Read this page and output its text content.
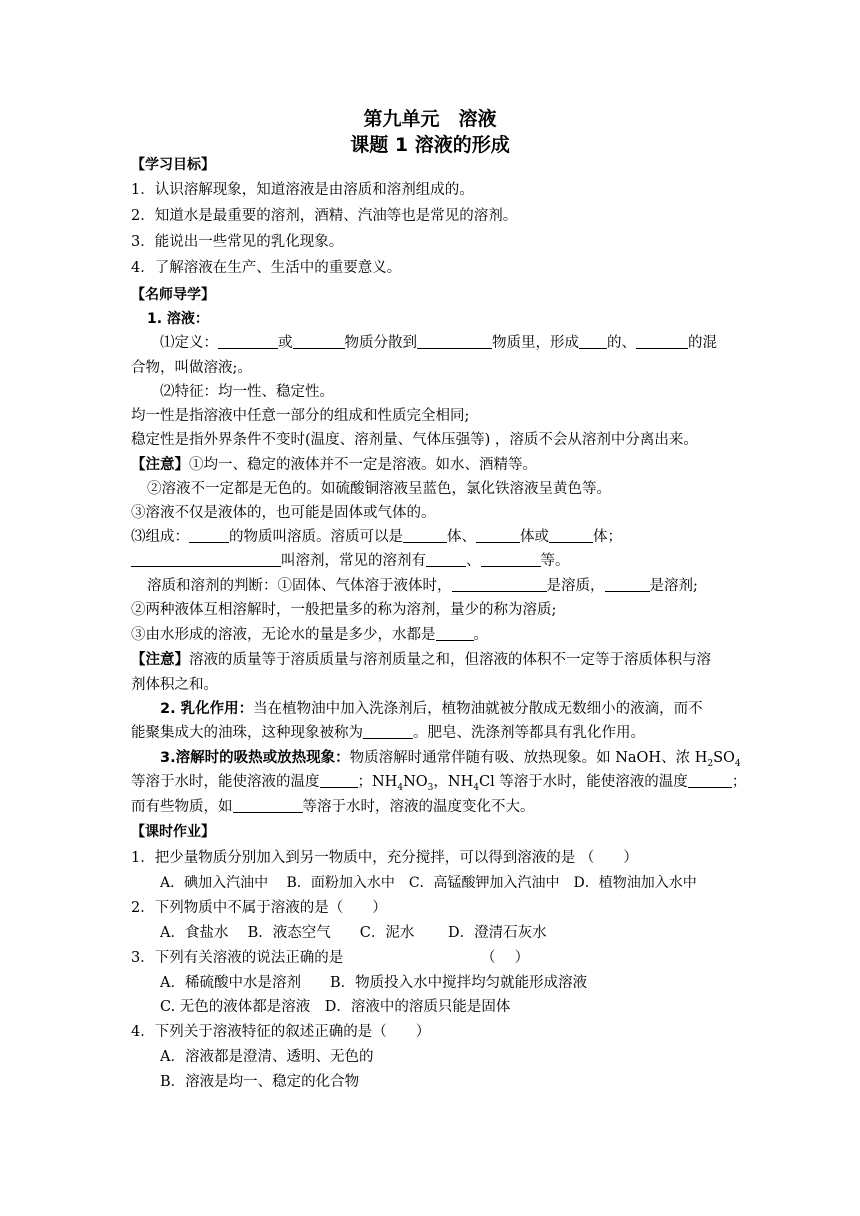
第九单元　溶液
课题 1 溶液的形成
【学习目标】
1．认识溶解现象，知道溶液是由溶质和溶剂组成的。
2．知道水是最重要的溶剂，酒精、汽油等也是常见的溶剂。
3．能说出一些常见的乳化现象。
4．了解溶液在生产、生活中的重要意义。
【名师导学】
1. 溶液：
⑴定义：	或	物质分散到	物质里，形成 的、	的混
合物，叫做溶液;。
⑵特征：均一性、稳定性。
均一性是指溶液中任意一部分的组成和性质完全相同;
稳定性是指外界条件不变时(温度、溶剂量、气体压强等) ，溶质不会从溶剂中分离出来。
【注意】①均一、稳定的液体并不一定是溶液。如水、酒精等。
②溶液不一定都是无色的。如硫酸铜溶液呈蓝色，氯化铁溶液呈黄色等。
③溶液不仅是液体的，也可能是固体或气体的。
⑶组成：	的物质叫溶质。溶质可以是	体、	体或	体；
叫溶剂，常见的溶剂有	、	等。
溶质和溶剂的判断：①固体、气体溶于液体时，	是溶质，	是溶剂;
②两种液体互相溶解时，一般把量多的称为溶剂，量少的称为溶质;
③由水形成的溶液，无论水的量是多少，水都是	。
【注意】溶液的质量等于溶质质量与溶剂质量之和，但溶液的体积不一定等于溶质体积与溶
剂体积之和。
2. 乳化作用：当在植物油中加入洗涤剂后，植物油就被分散成无数细小的液滴，而不
能聚集成大的油珠，这种现象被称为	。肥皂、洗涤剂等都具有乳化作用。
3.溶解时的吸热或放热现象：物质溶解时通常伴随有吸、放热现象。如 NaOH、浓 $H_2SO_4$
等溶于水时，能使溶液的温度	；$NH_4NO_3$，$NH_4Cl$ 等溶于水时，能使溶液的温度	；
而有些物质，如	等溶于水时，溶液的温度变化不大。
【课时作业】
1．把少量物质分别加入到另一物质中，充分搅拌，可以得到溶液的是 （　　）
A．碘加入汽油中　 B．面粉加入水中　C．高锰酸钾加入汽油中　D．植物油加入水中
2．下列物质中不属于溶液的是（　　）
A．食盐水　 B．液态空气　　C．泥水　　 D．澄清石灰水
3．下列有关溶液的说法正确的是　　　　　　　　　　（　 ）
A．稀硫酸中水是溶剂　　B．物质投入水中搅拌均匀就能形成溶液
C. 无色的液体都是溶液　D．溶液中的溶质只能是固体
4．下列关于溶液特征的叙述正确的是（　　）
A．溶液都是澄清、透明、无色的
B．溶液是均一、稳定的化合物
